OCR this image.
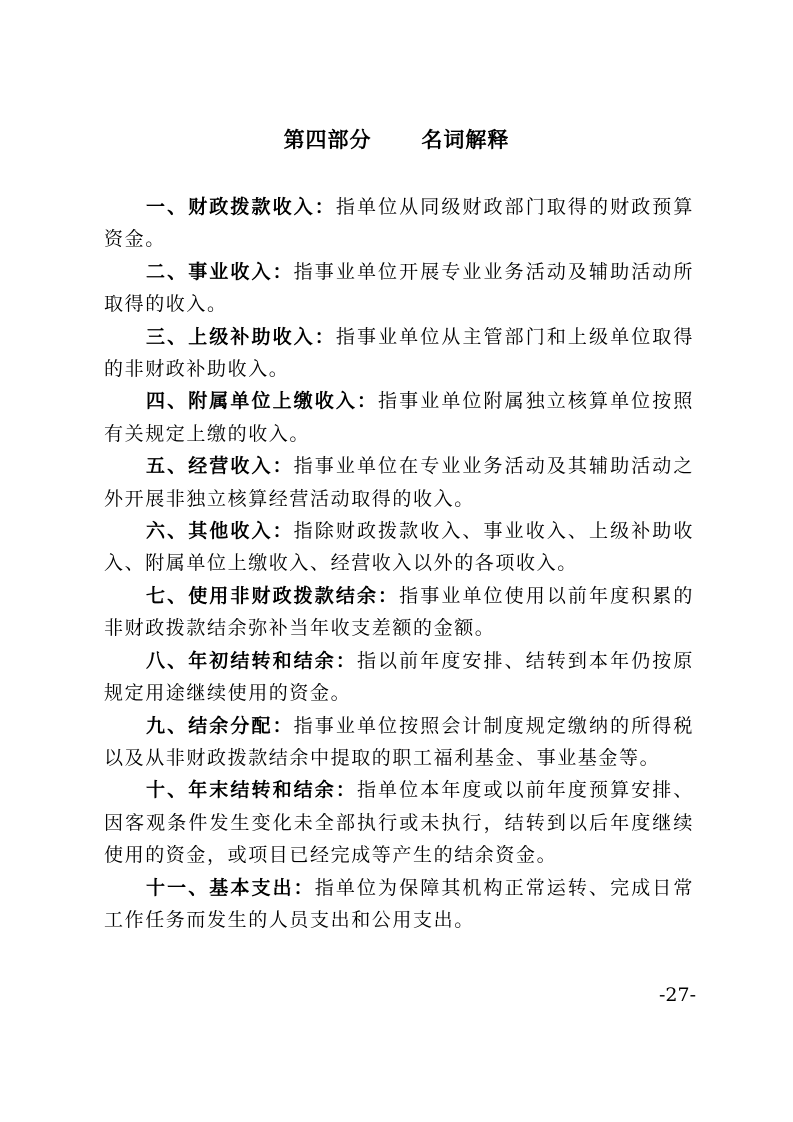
第四部分      名词解释
一、财政拨款收入：指单位从同级财政部门取得的财政预算资金。
二、事业收入：指事业单位开展专业业务活动及辅助活动所取得的收入。
三、上级补助收入：指事业单位从主管部门和上级单位取得的非财政补助收入。
四、附属单位上缴收入：指事业单位附属独立核算单位按照有关规定上缴的收入。
五、经营收入：指事业单位在专业业务活动及其辅助活动之外开展非独立核算经营活动取得的收入。
六、其他收入：指除财政拨款收入、事业收入、上级补助收入、附属单位上缴收入、经营收入以外的各项收入。
七、使用非财政拨款结余：指事业单位使用以前年度积累的非财政拨款结余弥补当年收支差额的金额。
八、年初结转和结余：指以前年度安排、结转到本年仍按原规定用途继续使用的资金。
九、结余分配：指事业单位按照会计制度规定缴纳的所得税以及从非财政拨款结余中提取的职工福利基金、事业基金等。
十、年末结转和结余：指单位本年度或以前年度预算安排、因客观条件发生变化未全部执行或未执行，结转到以后年度继续使用的资金，或项目已经完成等产生的结余资金。
十一、基本支出：指单位为保障其机构正常运转、完成日常工作任务而发生的人员支出和公用支出。
-27-
